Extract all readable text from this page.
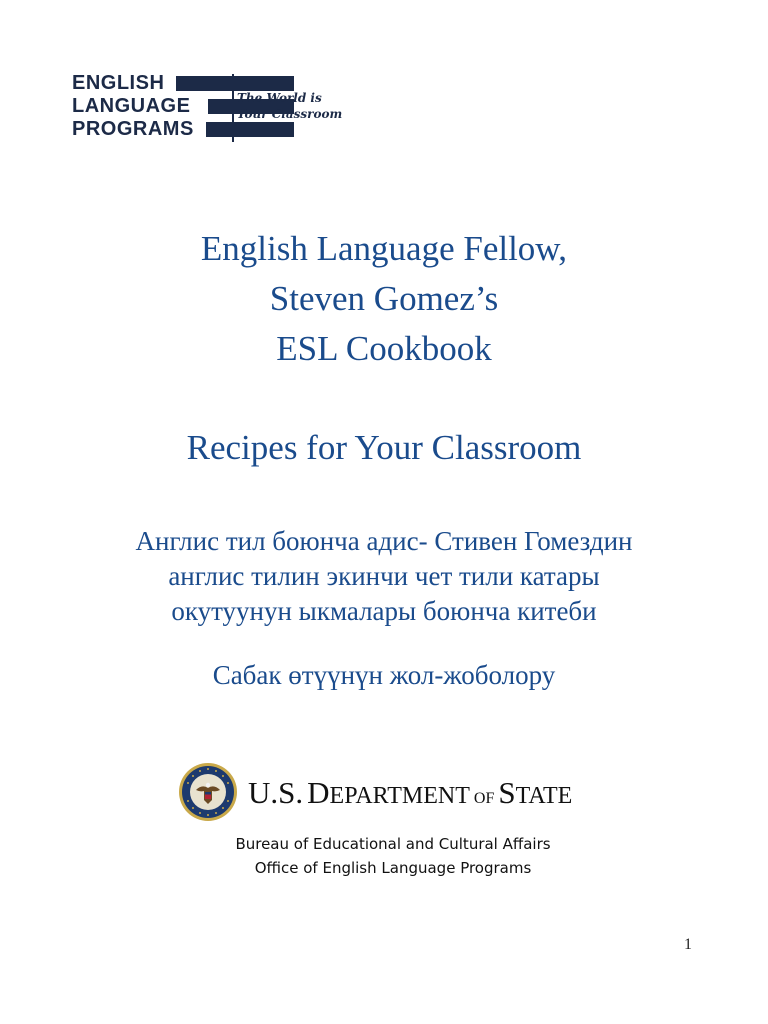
ENGLISH
LANGUAGE
PROGRAMS
The World is
Your Classroom
English Language Fellow,
Steven Gomez’s
ESL Cookbook
Recipes for Your Classroom
Англис тил боюнча адис- Стивен Гомездин
англис тилин экинчи чет тили катары
окутуунун ыкмалары боюнча китеби
Сабак өтүүнүн жол-жоболору
U.S. DEPARTMENT OF STATE
Bureau of Educational and Cultural Affairs
Office of English Language Programs
1
